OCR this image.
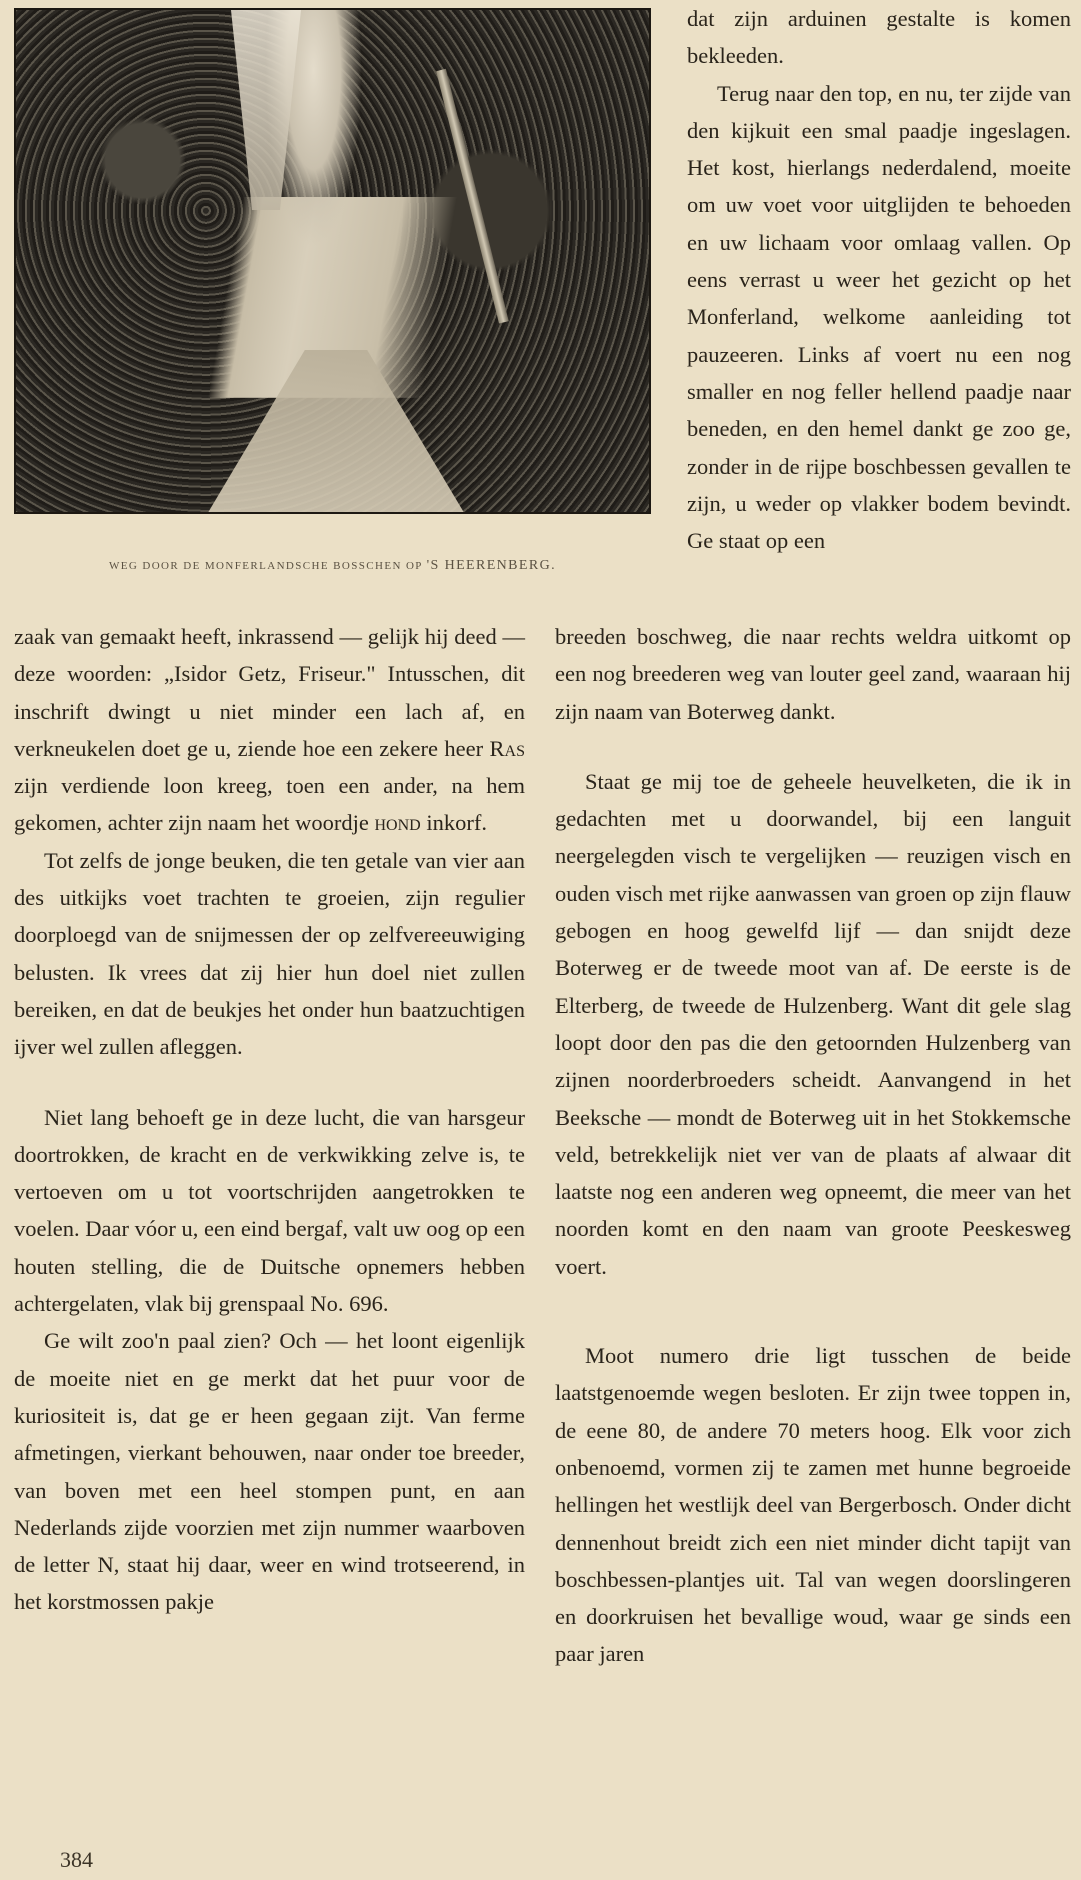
WEG DOOR DE MONFERLANDSCHE BOSSCHEN OP 'S HEERENBERG.

dat zijn arduinen gestalte is komen bekleeden.

Terug naar den top, en nu, ter zijde van den kijkuit een smal paadje ingeslagen. Het kost, hierlangs nederdalend, moeite om uw voet voor uitglijden te behoeden en uw lichaam voor omlaag vallen. Op eens verrast u weer het gezicht op het Monferland, welkome aanleiding tot pauzeeren. Links af voert nu een nog smaller en nog feller hellend paadje naar beneden, en den hemel dankt ge zoo ge, zonder in de rijpe boschbessen gevallen te zijn, u weder op vlakker bodem bevindt. Ge staat op een

zaak van gemaakt heeft, inkrassend — gelijk hij deed — deze woorden: „Isidor Getz, Friseur." Intusschen, dit inschrift dwingt u niet minder een lach af, en verkneukelen doet ge u, ziende hoe een zekere heer Ras zijn verdiende loon kreeg, toen een ander, na hem gekomen, achter zijn naam het woordje hond inkorf.

Tot zelfs de jonge beuken, die ten getale van vier aan des uitkijks voet trachten te groeien, zijn regulier doorploegd van de snijmessen der op zelfvereeuwiging belusten. Ik vrees dat zij hier hun doel niet zullen bereiken, en dat de beukjes het onder hun baatzuchtigen ijver wel zullen afleggen.

Niet lang behoeft ge in deze lucht, die van harsgeur doortrokken, de kracht en de verkwikking zelve is, te vertoeven om u tot voortschrijden aangetrokken te voelen. Daar vóor u, een eind bergaf, valt uw oog op een houten stelling, die de Duitsche opnemers hebben achtergelaten, vlak bij grenspaal No. 696.

Ge wilt zoo'n paal zien? Och — het loont eigenlijk de moeite niet en ge merkt dat het puur voor de kuriositeit is, dat ge er heen gegaan zijt. Van ferme afmetingen, vierkant behouwen, naar onder toe breeder, van boven met een heel stompen punt, en aan Nederlands zijde voorzien met zijn nummer waarboven de letter N, staat hij daar, weer en wind trotseerend, in het korstmossen pakje

breeden boschweg, die naar rechts weldra uitkomt op een nog breederen weg van louter geel zand, waaraan hij zijn naam van Boterweg dankt.

Staat ge mij toe de geheele heuvelketen, die ik in gedachten met u doorwandel, bij een languit neergelegden visch te vergelijken — reuzigen visch en ouden visch met rijke aanwassen van groen op zijn flauw gebogen en hoog gewelfd lijf — dan snijdt deze Boterweg er de tweede moot van af. De eerste is de Elterberg, de tweede de Hulzenberg. Want dit gele slag loopt door den pas die den getoornden Hulzenberg van zijnen noorderbroeders scheidt. Aanvangend in het Beeksche — mondt de Boterweg uit in het Stokkemsche veld, betrekkelijk niet ver van de plaats af alwaar dit laatste nog een anderen weg opneemt, die meer van het noorden komt en den naam van groote Peeskesweg voert.

Moot numero drie ligt tusschen de beide laatstgenoemde wegen besloten. Er zijn twee toppen in, de eene 80, de andere 70 meters hoog. Elk voor zich onbenoemd, vormen zij te zamen met hunne begroeide hellingen het westlijk deel van Bergerbosch. Onder dicht dennenhout breidt zich een niet minder dicht tapijt van boschbessen-plantjes uit. Tal van wegen doorslingeren en doorkruisen het bevallige woud, waar ge sinds een paar jaren

384
